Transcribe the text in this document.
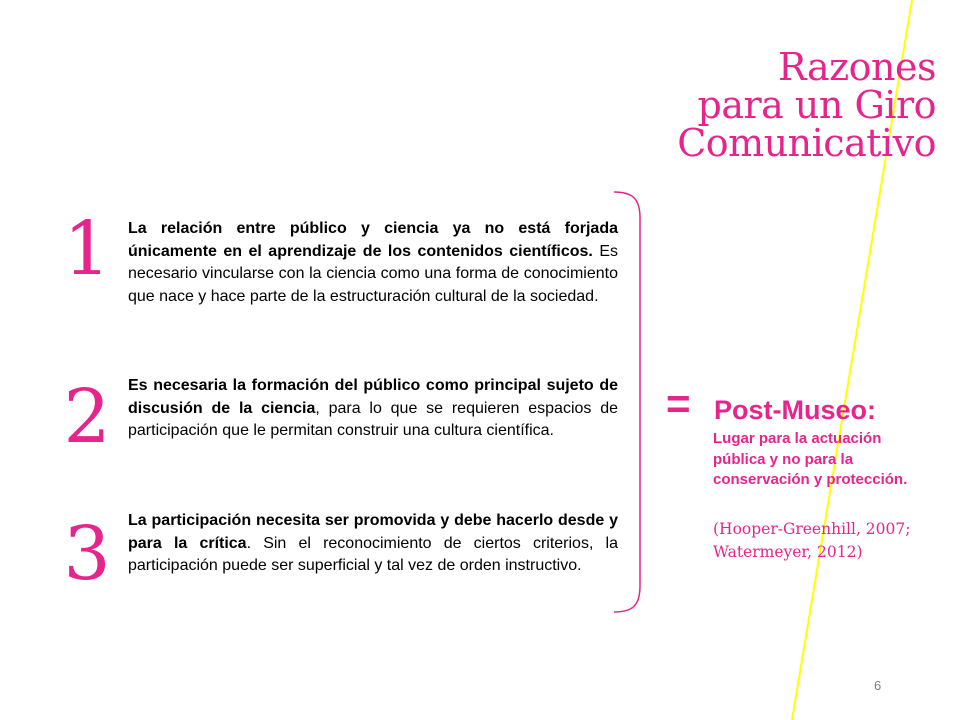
Razones
para un Giro
Comunicativo
1 La relación entre público y ciencia ya no está forjada únicamente en el aprendizaje de los contenidos científicos. Es necesario vincularse con la ciencia como una forma de conocimiento que nace y hace parte de la estructuración cultural de la sociedad.
2 Es necesaria la formación del público como principal sujeto de discusión de la ciencia, para lo que se requieren espacios de participación que le permitan construir una cultura científica.
3 La participación necesita ser promovida y debe hacerlo desde y para la crítica. Sin el reconocimiento de ciertos criterios, la participación puede ser superficial y tal vez de orden instructivo.
= Post-Museo:
Lugar para la actuación pública y no para la conservación y protección.
(Hooper-Greenhill, 2007; Watermeyer, 2012)
6
